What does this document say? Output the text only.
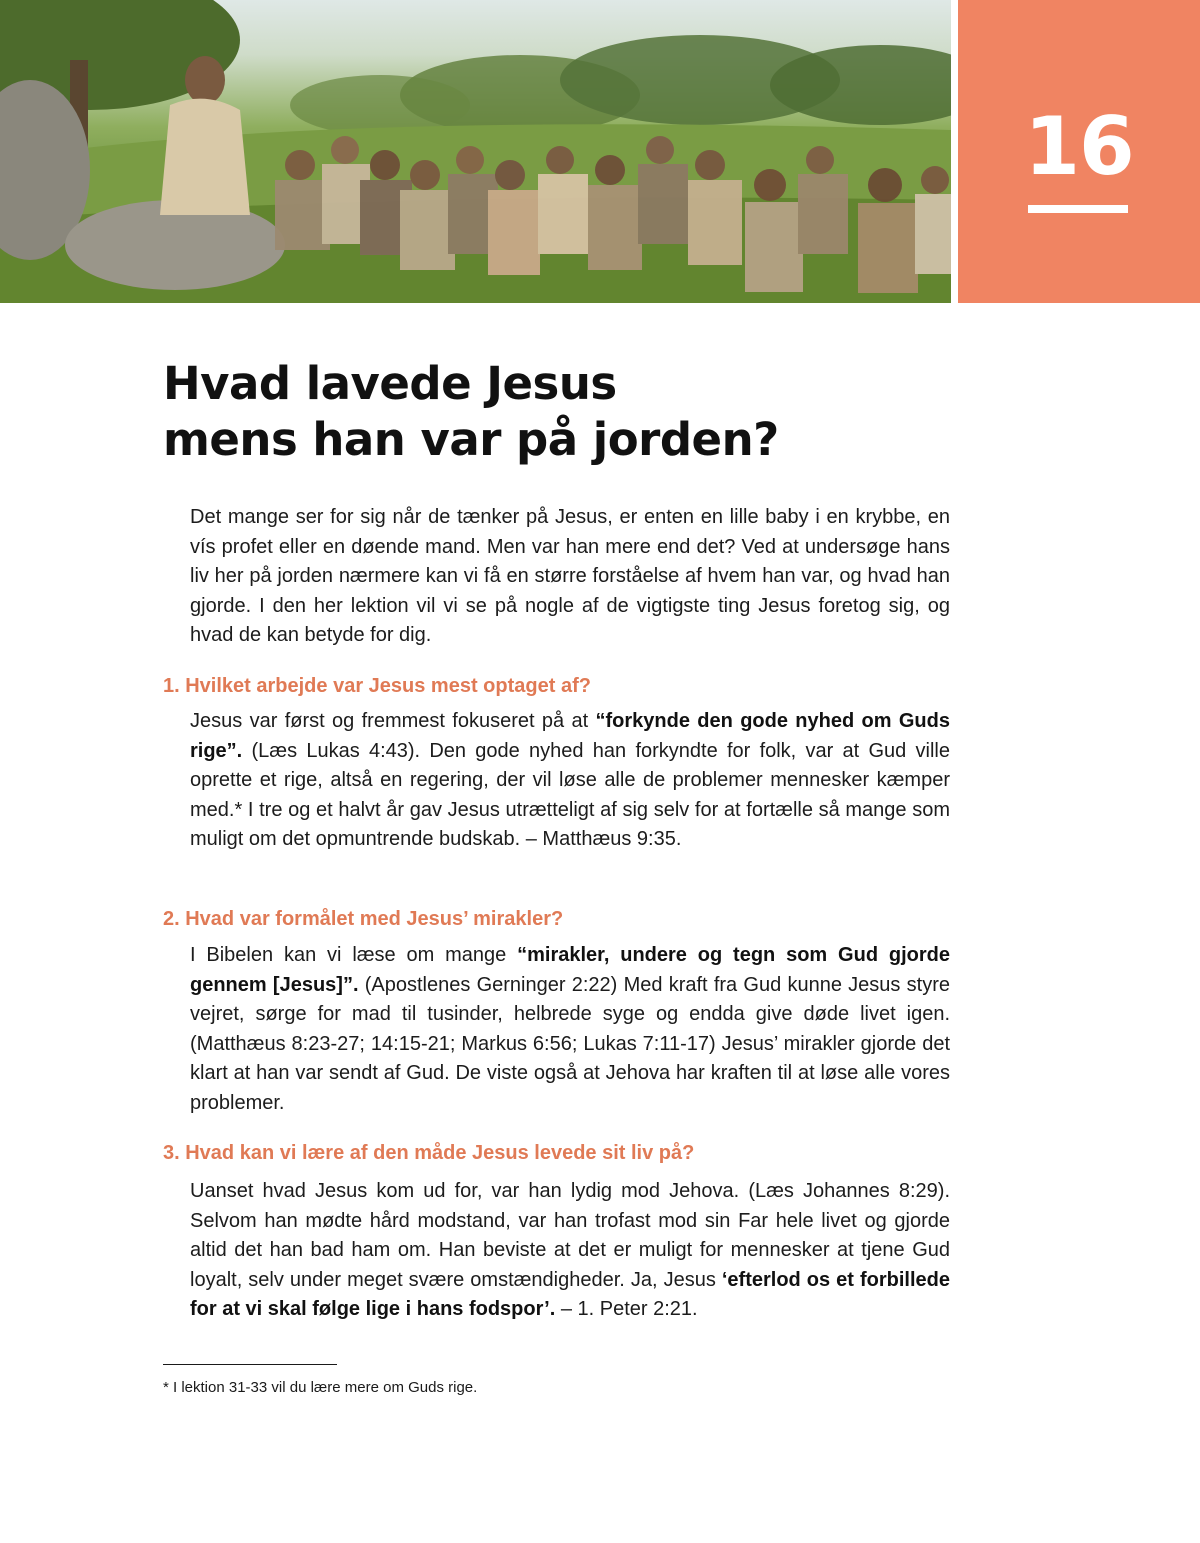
16
Hvad lavede Jesus
mens han var på jorden?

Det mange ser for sig når de tænker på Jesus, er enten en lille baby i en krybbe, en vís profet eller en døende mand. Men var han mere end det? Ved at undersøge hans liv her på jorden nærmere kan vi få en større forståelse af hvem han var, og hvad han gjorde. I den her lektion vil vi se på nogle af de vigtigste ting Jesus foretog sig, og hvad de kan betyde for dig.

1. Hvilket arbejde var Jesus mest optaget af?

Jesus var først og fremmest fokuseret på at “forkynde den gode nyhed om Guds rige”. (Læs Lukas 4:43). Den gode nyhed han forkyndte for folk, var at Gud ville oprette et rige, altså en regering, der vil løse alle de problemer mennesker kæmper med.* I tre og et halvt år gav Jesus utrætteligt af sig selv for at fortælle så mange som muligt om det opmuntrende budskab. – Matthæus 9:35.

2. Hvad var formålet med Jesus’ mirakler?

I Bibelen kan vi læse om mange “mirakler, undere og tegn som Gud gjorde gennem [Jesus]”. (Apostlenes Gerninger 2:22) Med kraft fra Gud kunne Jesus styre vejret, sørge for mad til tusinder, helbrede syge og endda give døde livet igen. (Matthæus 8:23-27; 14:15-21; Markus 6:56; Lukas 7:11-17) Jesus’ mirakler gjorde det klart at han var sendt af Gud. De viste også at Jehova har kraften til at løse alle vores problemer.

3. Hvad kan vi lære af den måde Jesus levede sit liv på?

Uanset hvad Jesus kom ud for, var han lydig mod Jehova. (Læs Johannes 8:29). Selvom han mødte hård modstand, var han trofast mod sin Far hele livet og gjorde altid det han bad ham om. Han beviste at det er muligt for mennesker at tjene Gud loyalt, selv under meget svære omstændigheder. Ja, Jesus ‘efterlod os et forbillede for at vi skal følge lige i hans fodspor’. – 1. Peter 2:21.

* I lektion 31-33 vil du lære mere om Guds rige.
